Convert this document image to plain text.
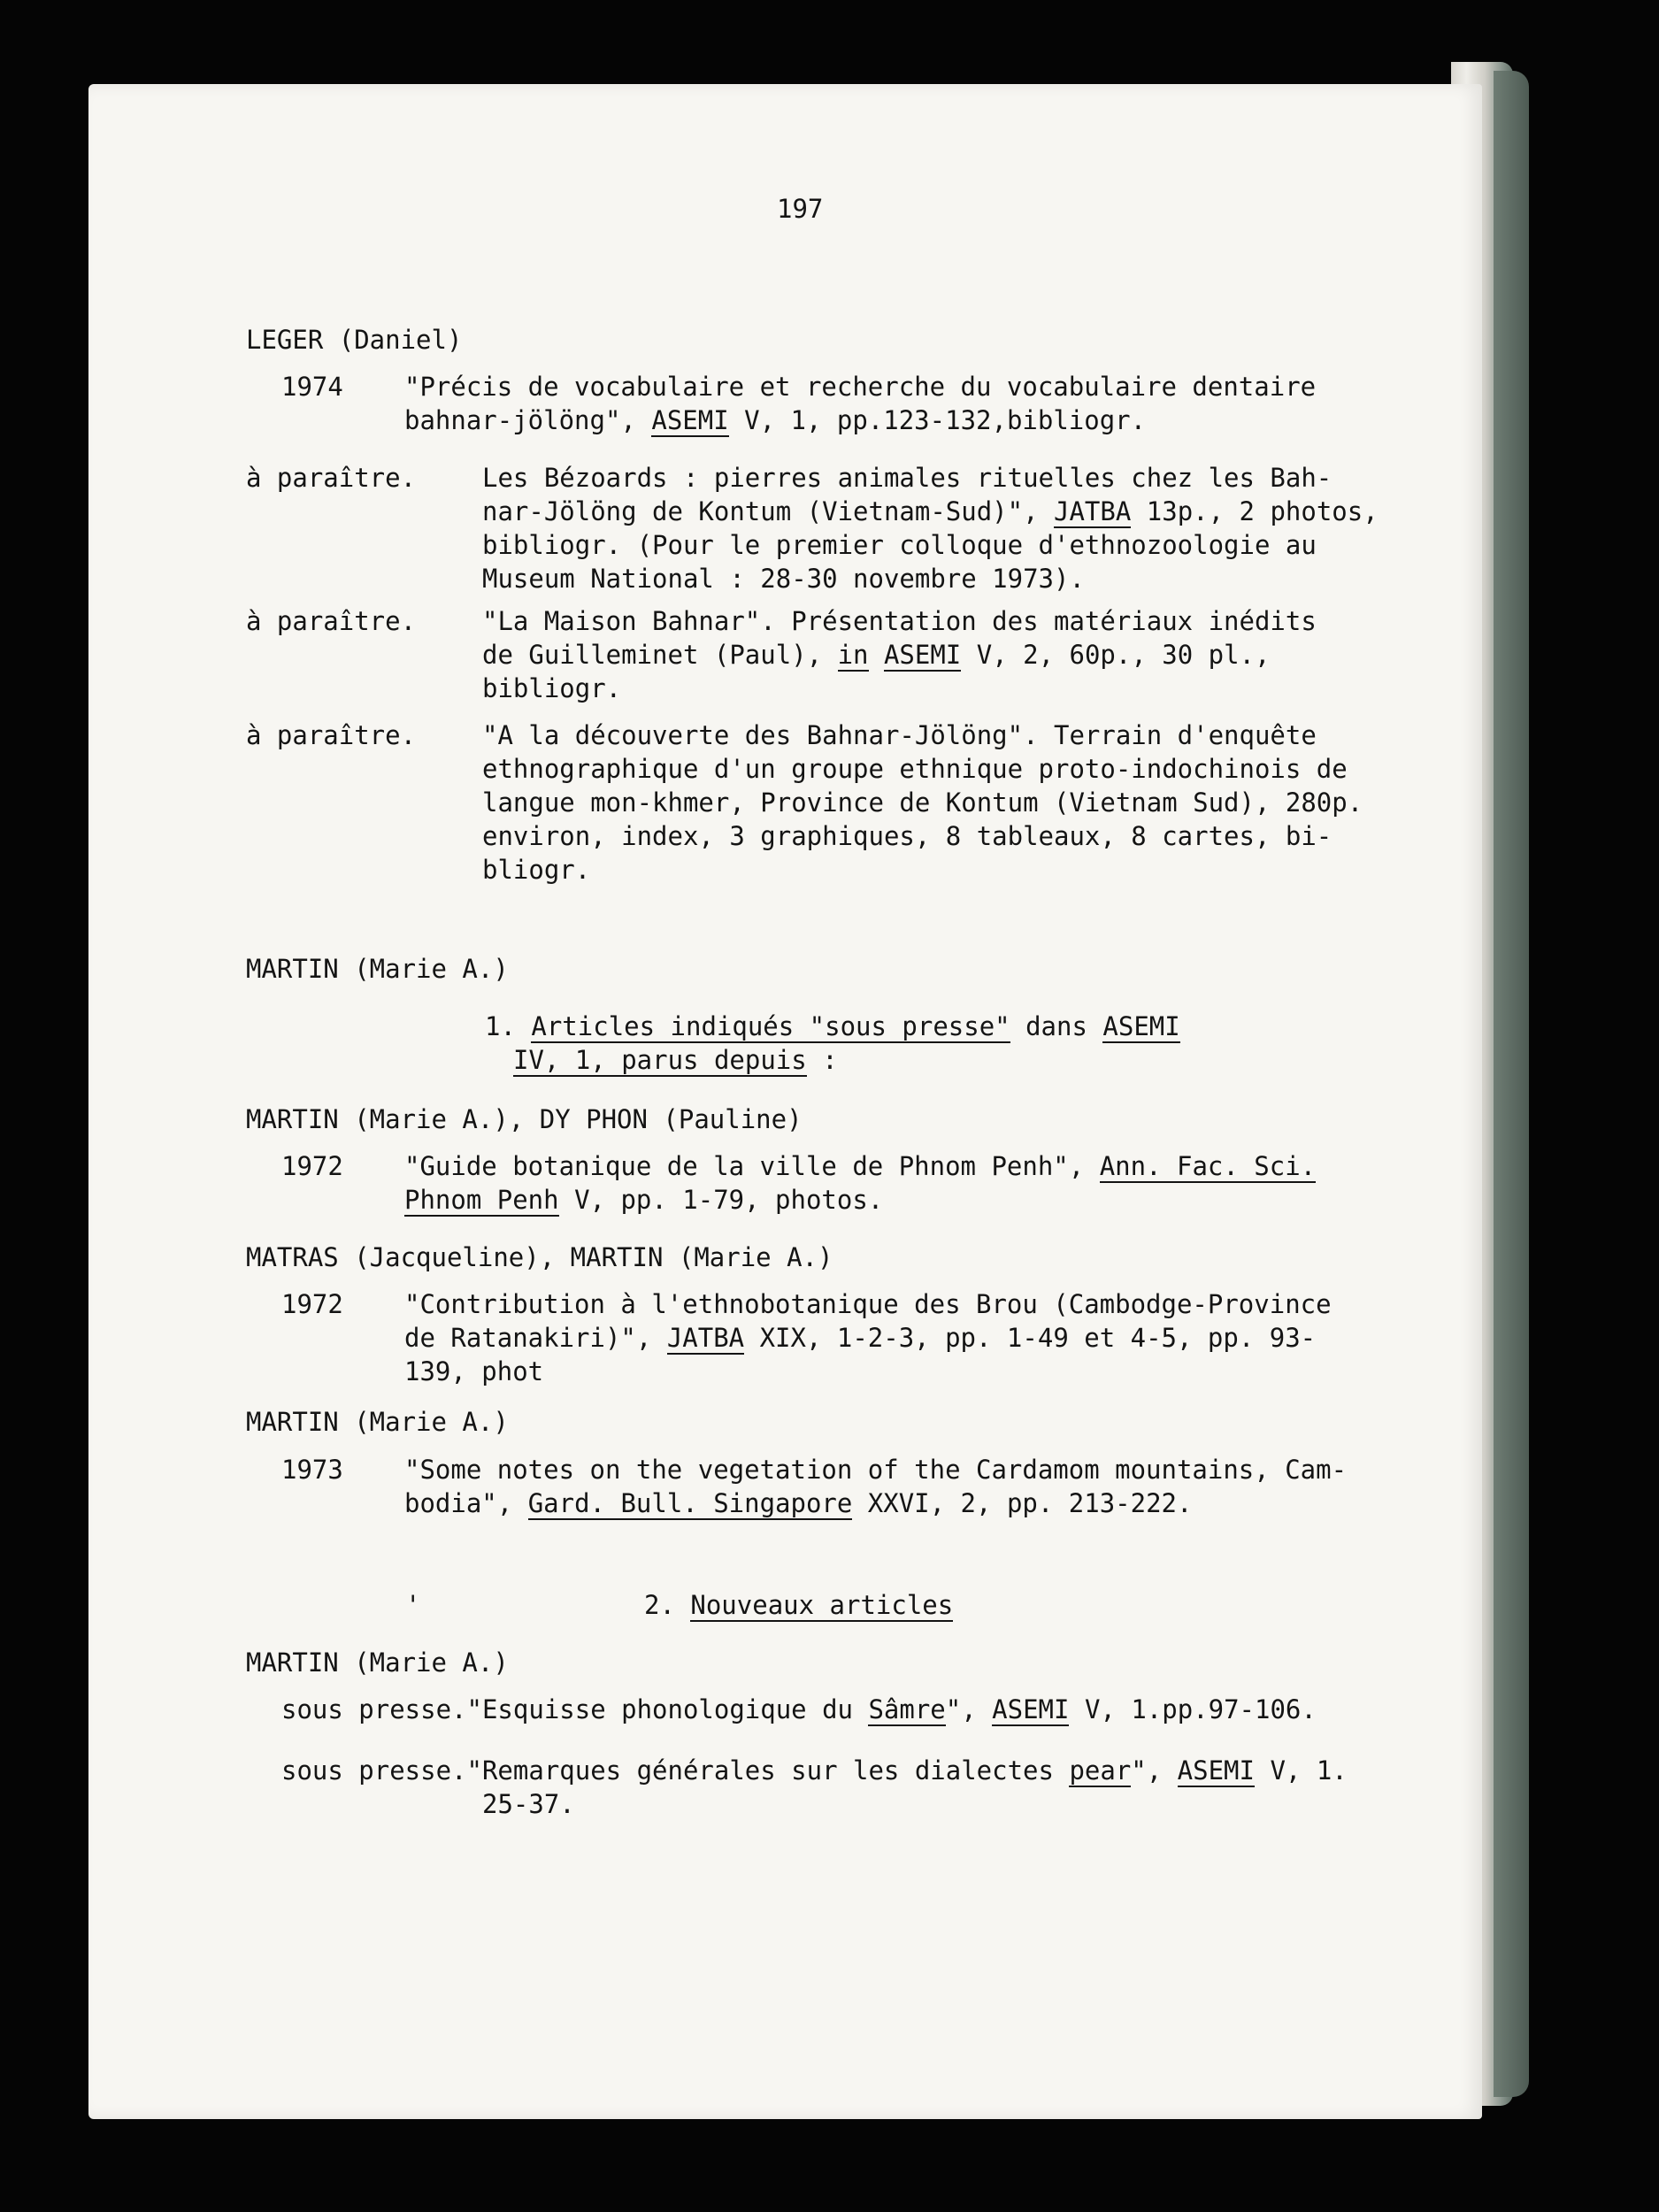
197

LEGER (Daniel)

1974 "Précis de vocabulaire et recherche du vocabulaire dentaire

bahnar-jölöng", ASEMI V, 1, pp.123-132,bibliogr.

à paraître.	Les Bézoards : pierres animales rituelles chez les Bah-

nar-Jölöng de Kontum (Vietnam-Sud)", JATBA 13p., 2 photos,

bibliogr. (Pour le premier colloque d'ethnozoologie au

Museum National : 28-30 novembre 1973).

à paraître.	"La Maison Bahnar". Présentation des matériaux inédits

de Guilleminet (Paul), in ASEMI V, 2, 60p., 30 pl.,

bibliogr.

à paraître.	"A la découverte des Bahnar-Jölöng". Terrain d'enquête

ethnographique d'un groupe ethnique proto-indochinois de

langue mon-khmer, Province de Kontum (Vietnam Sud), 280p.

environ, index, 3 graphiques, 8 tableaux, 8 cartes, bi-

bliogr.

MARTIN (Marie A.)

1. Articles indiqués "sous presse" dans ASEMI

IV, 1, parus depuis :

MARTIN (Marie A.), DY PHON (Pauline)

1972 "Guide botanique de la ville de Phnom Penh", Ann. Fac. Sci.

Phnom Penh V, pp. 1-79, photos.

MATRAS (Jacqueline), MARTIN (Marie A.)

1972 "Contribution à l'ethnobotanique des Brou (Cambodge-Province

de Ratanakiri)", JATBA XIX, 1-2-3, pp. 1-49 et 4-5, pp. 93-

139, phot

MARTIN (Marie A.)

1973 "Some notes on the vegetation of the Cardamom mountains, Cam-

bodia", Gard. Bull. Singapore XXVI, 2, pp. 213-222.

'	2. Nouveaux articles

MARTIN (Marie A.)

sous presse."Esquisse phonologique du Sâmre", ASEMI V, 1.pp.97-106.

sous presse."Remarques générales sur les dialectes pear", ASEMI V, 1.

25-37.
